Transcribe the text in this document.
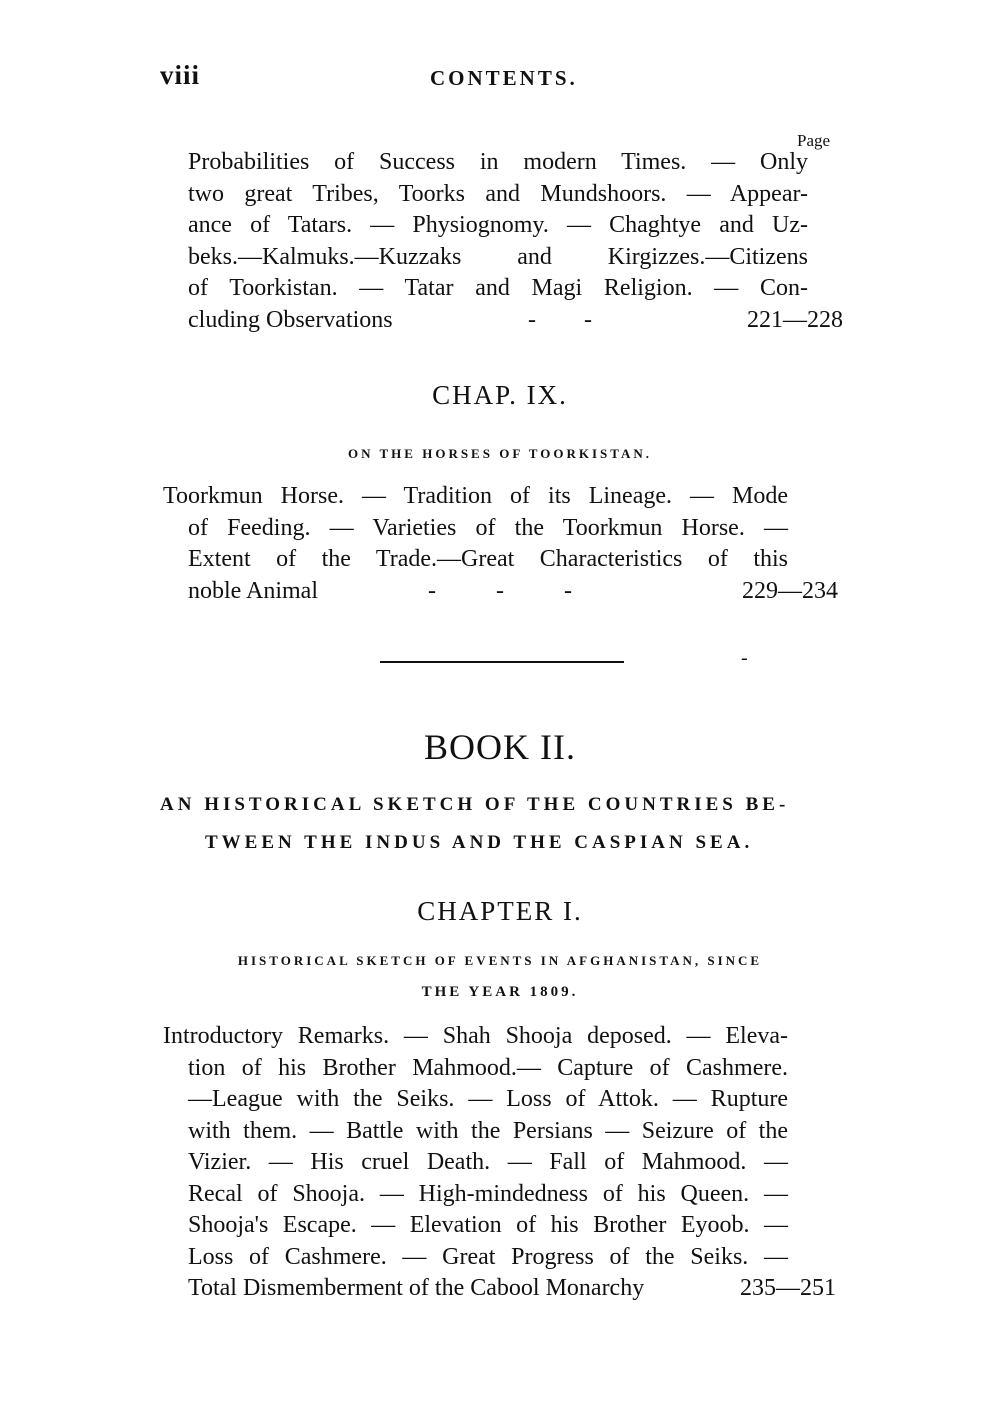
viii	CONTENTS.
Page

Probabilities of Success in modern Times. — Only

two great Tribes, Toorks and Mundshoors. — Appear-

ance of Tatars. — Physiognomy. — Chaghtye and Uz-

beks.—Kalmuks.—Kuzzaks and Kirgizzes.—Citizens

of Toorkistan. — Tatar and Magi Religion. — Con-

cluding Observations	-        -	221—228

CHAP. IX.
ON THE HORSES OF TOORKISTAN.

Toorkmun Horse. — Tradition of its Lineage. — Mode

of Feeding. — Varieties of the Toorkmun Horse. —

Extent of the Trade.—Great Characteristics of this

noble Animal	-          -          -	229—234

-
BOOK II.
AN HISTORICAL SKETCH OF THE COUNTRIES BE-
TWEEN THE INDUS AND THE CASPIAN SEA.
CHAPTER I.
HISTORICAL SKETCH OF EVENTS IN AFGHANISTAN, SINCE
THE YEAR 1809.

Introductory Remarks. — Shah Shooja deposed. — Eleva-

tion of his Brother Mahmood.— Capture of Cashmere.

—League with the Seiks. — Loss of Attok. — Rupture

with them. — Battle with the Persians — Seizure of the

Vizier. — His cruel Death. — Fall of Mahmood. —

Recal of Shooja. — High-mindedness of his Queen. —

Shooja's Escape. — Elevation of his Brother Eyoob. —

Loss of Cashmere. — Great Progress of the Seiks. —

Total Dismemberment of the Cabool Monarchy	235—251
